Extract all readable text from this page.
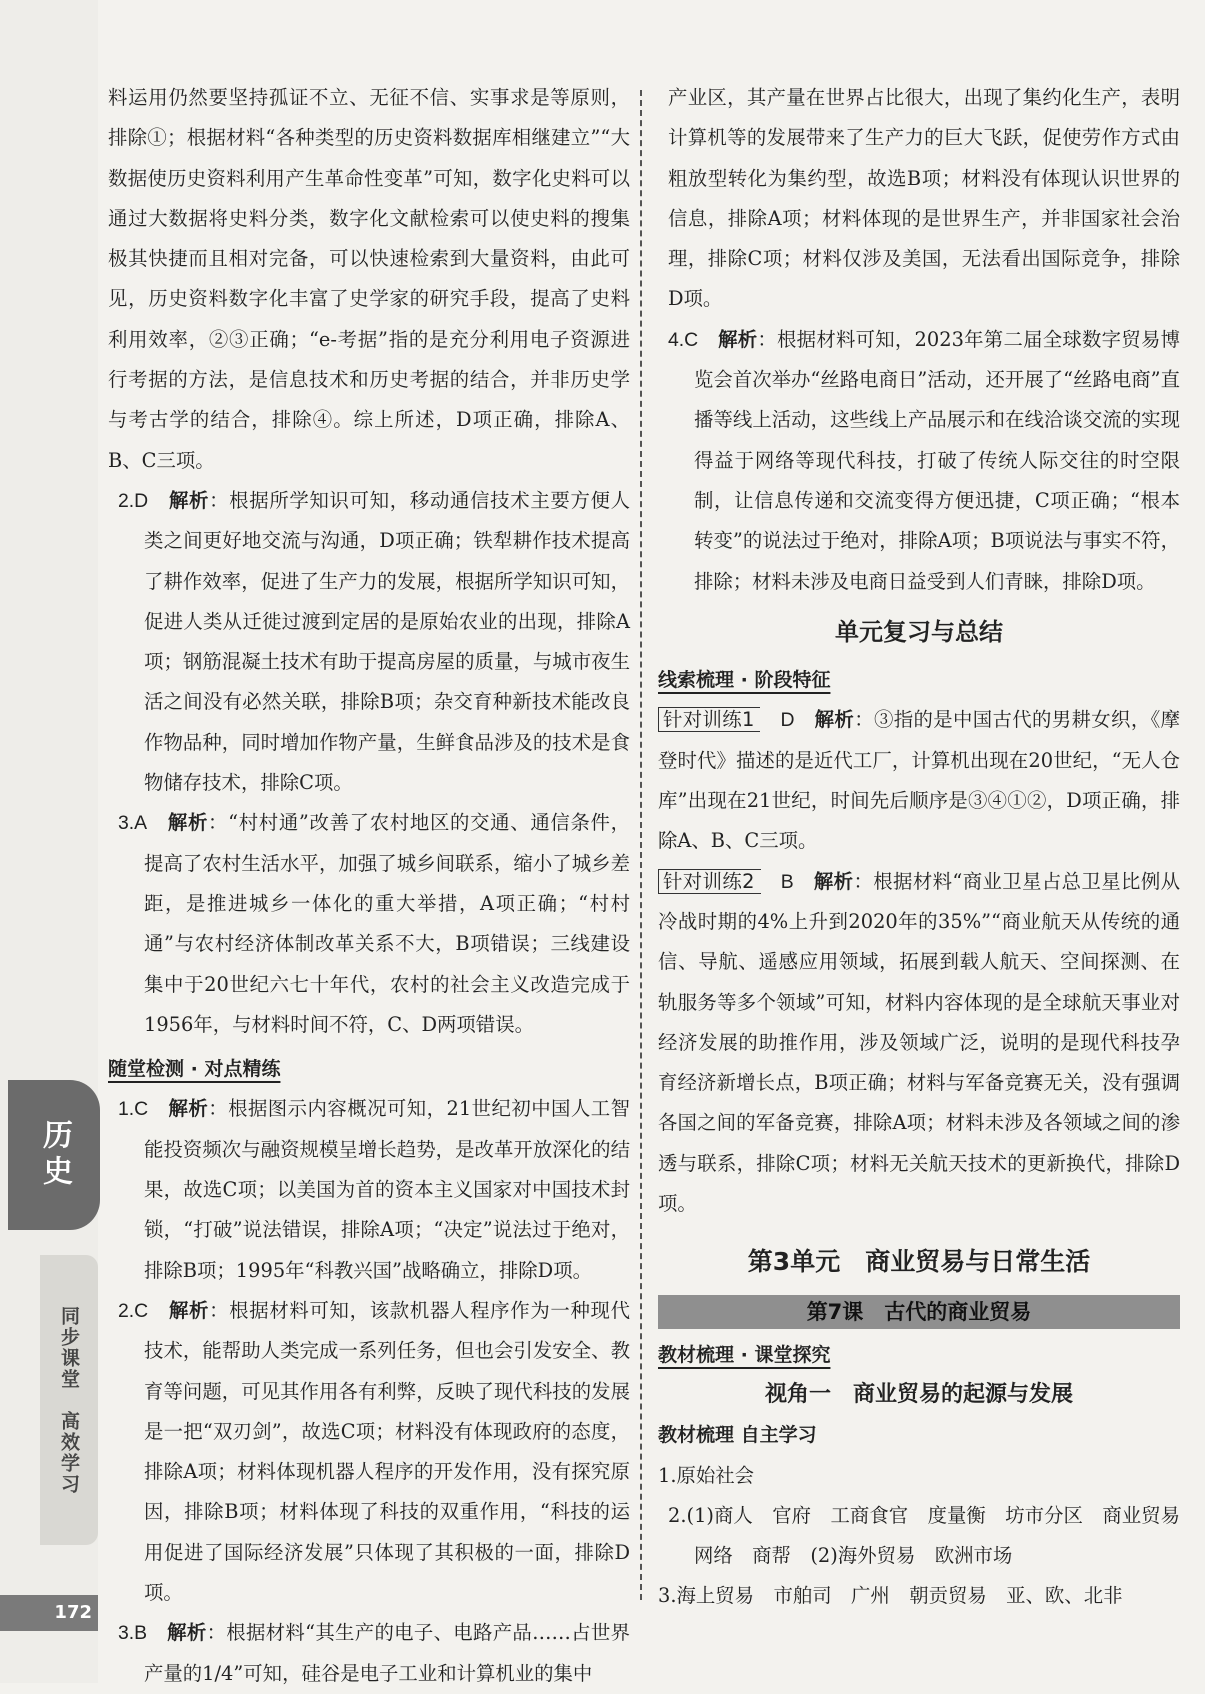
历史
同步课堂　高效学习
172

料运用仍然要坚持孤证不立、无征不信、实事求是等原则，排除①；根据材料“各种类型的历史资料数据库相继建立”“大数据使历史资料利用产生革命性变革”可知，数字化史料可以通过大数据将史料分类，数字化文献检索可以使史料的搜集极其快捷而且相对完备，可以快速检索到大量资料，由此可见，历史资料数字化丰富了史学家的研究手段，提高了史料利用效率，②③正确；“e-考据”指的是充分利用电子资源进行考据的方法，是信息技术和历史考据的结合，并非历史学与考古学的结合，排除④。综上所述，D项正确，排除A、B、C三项。

2.D　 解析：根据所学知识可知，移动通信技术主要方便人类之间更好地交流与沟通，D项正确；铁犁耕作技术提高了耕作效率，促进了生产力的发展，根据所学知识可知，促进人类从迁徙过渡到定居的是原始农业的出现，排除A项；钢筋混凝土技术有助于提高房屋的质量，与城市夜生活之间没有必然关联，排除B项；杂交育种新技术能改良作物品种，同时增加作物产量，生鲜食品涉及的技术是食物储存技术，排除C项。

3.A　 解析：“村村通”改善了农村地区的交通、通信条件，提高了农村生活水平，加强了城乡间联系，缩小了城乡差距，是推进城乡一体化的重大举措，A项正确；“村村通”与农村经济体制改革关系不大，B项错误；三线建设集中于20世纪六七十年代，农村的社会主义改造完成于1956年，与材料时间不符，C、D两项错误。

随堂检测 · 对点精练

1.C　 解析：根据图示内容概况可知，21世纪初中国人工智能投资频次与融资规模呈增长趋势，是改革开放深化的结果，故选C项；以美国为首的资本主义国家对中国技术封锁，“打破”说法错误，排除A项；“决定”说法过于绝对，排除B项；1995年“科教兴国”战略确立，排除D项。

2.C　 解析：根据材料可知，该款机器人程序作为一种现代技术，能帮助人类完成一系列任务，但也会引发安全、教育等问题，可见其作用各有利弊，反映了现代科技的发展是一把“双刃剑”，故选C项；材料没有体现政府的态度，排除A项；材料体现机器人程序的开发作用，没有探究原因，排除B项；材料体现了科技的双重作用，“科技的运用促进了国际经济发展”只体现了其积极的一面，排除D项。

3.B　 解析：根据材料“其生产的电子、电路产品……占世界产量的1/4”可知，硅谷是电子工业和计算机业的集中

产业区，其产量在世界占比很大，出现了集约化生产，表明计算机等的发展带来了生产力的巨大飞跃，促使劳作方式由粗放型转化为集约型，故选B项；材料没有体现认识世界的信息，排除A项；材料体现的是世界生产，并非国家社会治理，排除C项；材料仅涉及美国，无法看出国际竞争，排除D项。

4.C　 解析：根据材料可知，2023年第二届全球数字贸易博览会首次举办“丝路电商日”活动，还开展了“丝路电商”直播等线上活动，这些线上产品展示和在线洽谈交流的实现得益于网络等现代科技，打破了传统人际交往的时空限制，让信息传递和交流变得方便迅捷，C项正确；“根本转变”的说法过于绝对，排除A项；B项说法与事实不符，排除；材料未涉及电商日益受到人们青睐，排除D项。

单元复习与总结

线索梳理 · 阶段特征

针对训练1　 D　 解析：③指的是中国古代的男耕女织，《摩登时代》描述的是近代工厂，计算机出现在20世纪，“无人仓库”出现在21世纪，时间先后顺序是③④①②，D项正确，排除A、B、C三项。

针对训练2　 B　 解析：根据材料“商业卫星占总卫星比例从冷战时期的4%上升到2020年的35%”“商业航天从传统的通信、导航、遥感应用领域，拓展到载人航天、空间探测、在轨服务等多个领域”可知，材料内容体现的是全球航天事业对经济发展的助推作用，涉及领域广泛，说明的是现代科技孕育经济新增长点，B项正确；材料与军备竞赛无关，没有强调各国之间的军备竞赛，排除A项；材料未涉及各领域之间的渗透与联系，排除C项；材料无关航天技术的更新换代，排除D项。

第3单元　商业贸易与日常生活
第7课　古代的商业贸易

教材梳理 · 课堂探究

视角一　商业贸易的起源与发展

教材梳理 自主学习

1.原始社会

2.(1)商人　官府　工商食官　度量衡　坊市分区　商业贸易网络　商帮　(2)海外贸易　欧洲市场

3.海上贸易　市舶司　广州　朝贡贸易　亚、欧、北非
